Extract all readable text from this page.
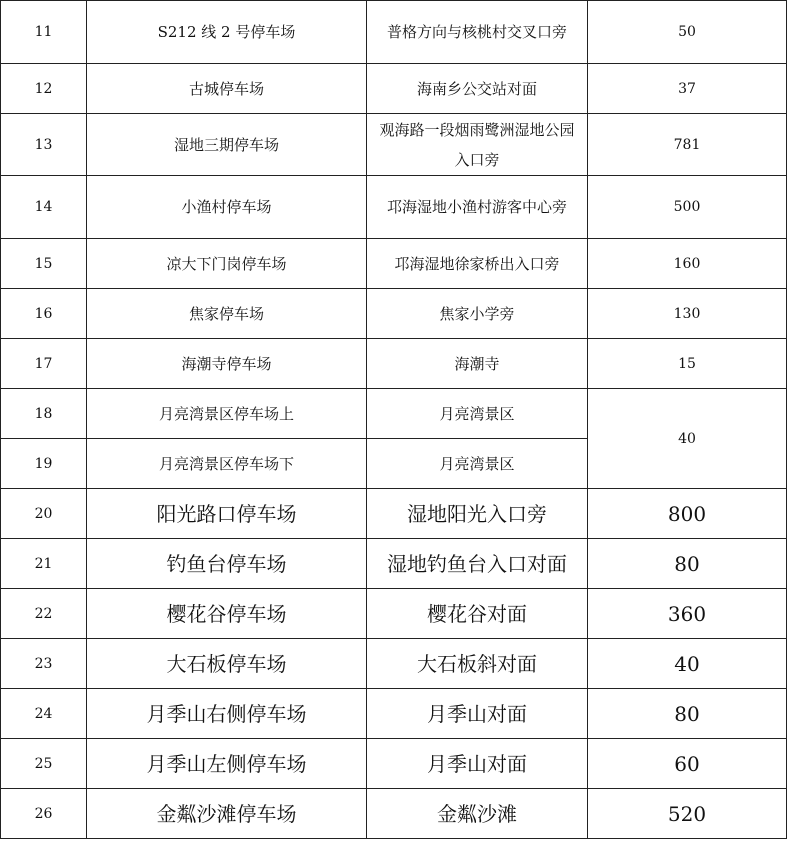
11	S212 线 2 号停车场	普格方向与核桃村交叉口旁	50
12	古城停车场	海南乡公交站对面	37
13	湿地三期停车场	观海路一段烟雨鹭洲湿地公园入口旁	781
14	小渔村停车场	邛海湿地小渔村游客中心旁	500
15	凉大下门岗停车场	邛海湿地徐家桥出入口旁	160
16	焦家停车场	焦家小学旁	130
17	海潮寺停车场	海潮寺	15
18	月亮湾景区停车场上	月亮湾景区	40
19	月亮湾景区停车场下	月亮湾景区	
20	阳光路口停车场	湿地阳光入口旁	800
21	钓鱼台停车场	湿地钓鱼台入口对面	80
22	樱花谷停车场	樱花谷对面	360
23	大石板停车场	大石板斜对面	40
24	月季山右侧停车场	月季山对面	80
25	月季山左侧停车场	月季山对面	60
26	金粼沙滩停车场	金粼沙滩	520
